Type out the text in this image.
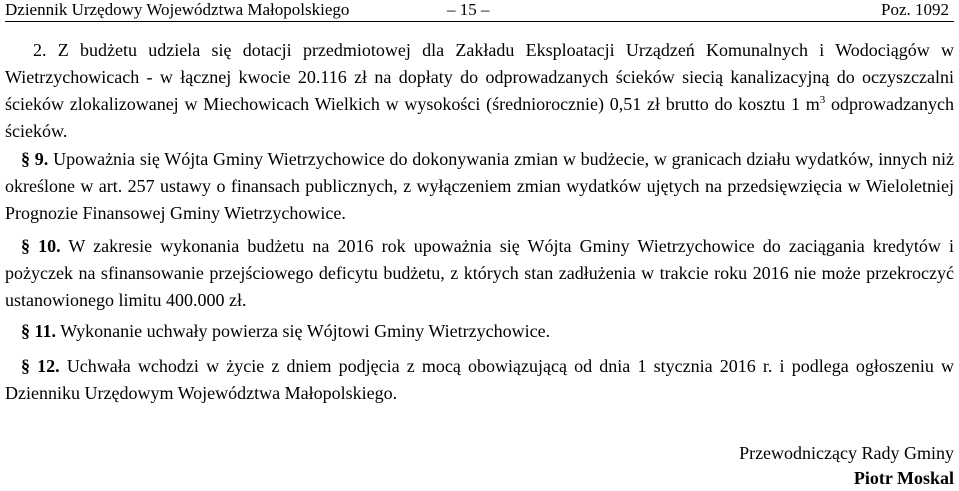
Dziennik Urzędowy Województwa Małopolskiego	– 15 –	Poz. 1092

2. Z budżetu udziela się dotacji przedmiotowej dla Zakładu Eksploatacji Urządzeń Komunalnych i Wodociągów w Wietrzychowicach - w łącznej kwocie 20.116 zł na dopłaty do odprowadzanych ścieków siecią kanalizacyjną do oczyszczalni ścieków zlokalizowanej w Miechowicach Wielkich w wysokości (średniorocznie) 0,51 zł brutto do kosztu 1 $m^3$ odprowadzanych ścieków.

§ 9. Upoważnia się Wójta Gminy Wietrzychowice do dokonywania zmian w budżecie, w granicach działu wydatków, innych niż określone w art. 257 ustawy o finansach publicznych, z wyłączeniem zmian wydatków ujętych na przedsięwzięcia w Wieloletniej Prognozie Finansowej Gminy Wietrzychowice.

§ 10. W zakresie wykonania budżetu na 2016 rok upoważnia się Wójta Gminy Wietrzychowice do zaciągania kredytów i pożyczek na sfinansowanie przejściowego deficytu budżetu, z których stan zadłużenia w trakcie roku 2016 nie może przekroczyć ustanowionego limitu 400.000 zł.

§ 11. Wykonanie uchwały powierza się Wójtowi Gminy Wietrzychowice.

§ 12. Uchwała wchodzi w życie z dniem podjęcia z mocą obowiązującą od dnia 1 stycznia 2016 r. i podlega ogłoszeniu w Dzienniku Urzędowym Województwa Małopolskiego.

Przewodniczący Rady Gminy
Piotr Moskal
